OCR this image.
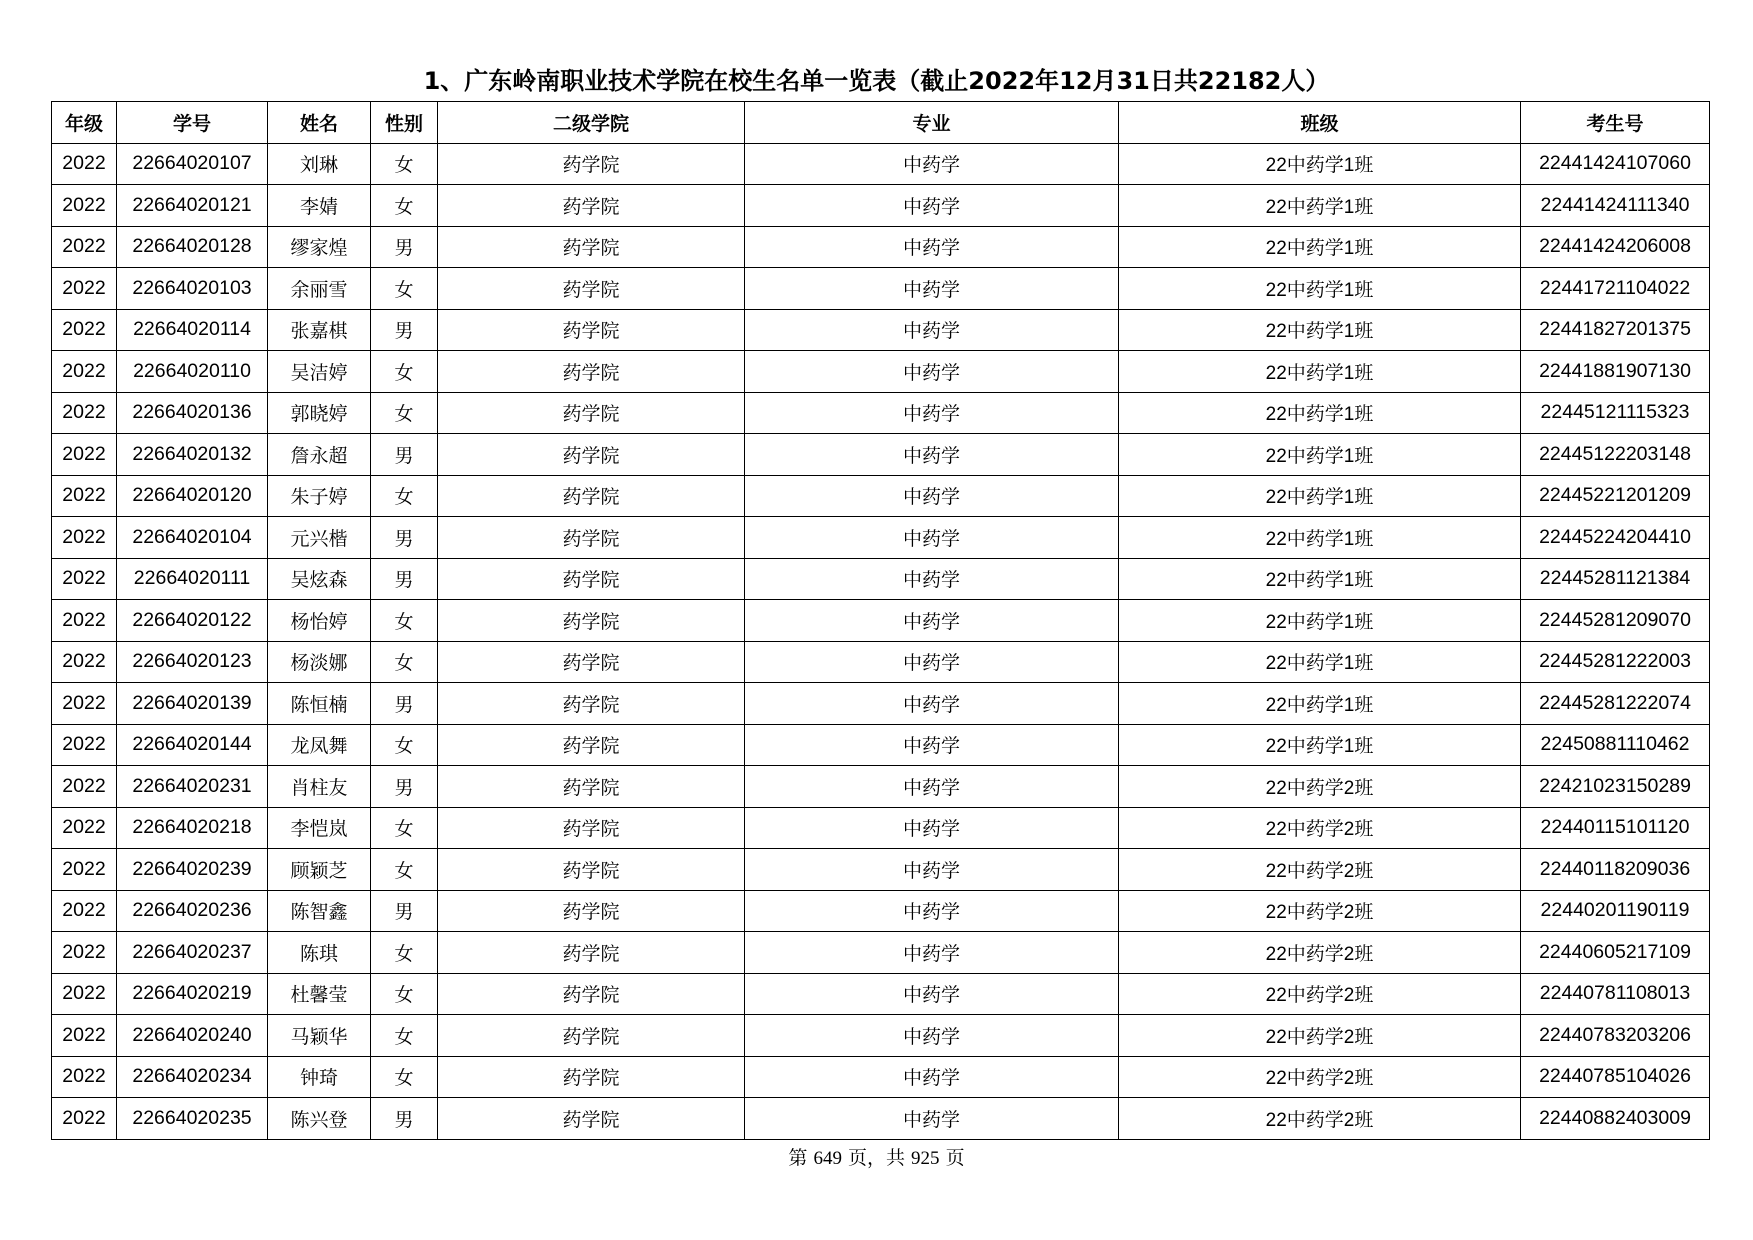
1、广东岭南职业技术学院在校生名单一览表（截止2022年12月31日共22182人）
年级	学号	姓名	性别	二级学院	专业	班级	考生号
2022	22664020107	刘琳	女	药学院	中药学	22中药学1班	22441424107060
2022	22664020121	李婧	女	药学院	中药学	22中药学1班	22441424111340
2022	22664020128	缪家煌	男	药学院	中药学	22中药学1班	22441424206008
2022	22664020103	余丽雪	女	药学院	中药学	22中药学1班	22441721104022
2022	22664020114	张嘉棋	男	药学院	中药学	22中药学1班	22441827201375
2022	22664020110	吴洁婷	女	药学院	中药学	22中药学1班	22441881907130
2022	22664020136	郭晓婷	女	药学院	中药学	22中药学1班	22445121115323
2022	22664020132	詹永超	男	药学院	中药学	22中药学1班	22445122203148
2022	22664020120	朱子婷	女	药学院	中药学	22中药学1班	22445221201209
2022	22664020104	元兴楷	男	药学院	中药学	22中药学1班	22445224204410
2022	22664020111	吴炫森	男	药学院	中药学	22中药学1班	22445281121384
2022	22664020122	杨怡婷	女	药学院	中药学	22中药学1班	22445281209070
2022	22664020123	杨淡娜	女	药学院	中药学	22中药学1班	22445281222003
2022	22664020139	陈恒楠	男	药学院	中药学	22中药学1班	22445281222074
2022	22664020144	龙凤舞	女	药学院	中药学	22中药学1班	22450881110462
2022	22664020231	肖柱友	男	药学院	中药学	22中药学2班	22421023150289
2022	22664020218	李恺岚	女	药学院	中药学	22中药学2班	22440115101120
2022	22664020239	顾颖芝	女	药学院	中药学	22中药学2班	22440118209036
2022	22664020236	陈智鑫	男	药学院	中药学	22中药学2班	22440201190119
2022	22664020237	陈琪	女	药学院	中药学	22中药学2班	22440605217109
2022	22664020219	杜馨莹	女	药学院	中药学	22中药学2班	22440781108013
2022	22664020240	马颖华	女	药学院	中药学	22中药学2班	22440783203206
2022	22664020234	钟琦	女	药学院	中药学	22中药学2班	22440785104026
2022	22664020235	陈兴登	男	药学院	中药学	22中药学2班	22440882403009
第 649 页，共 925 页
